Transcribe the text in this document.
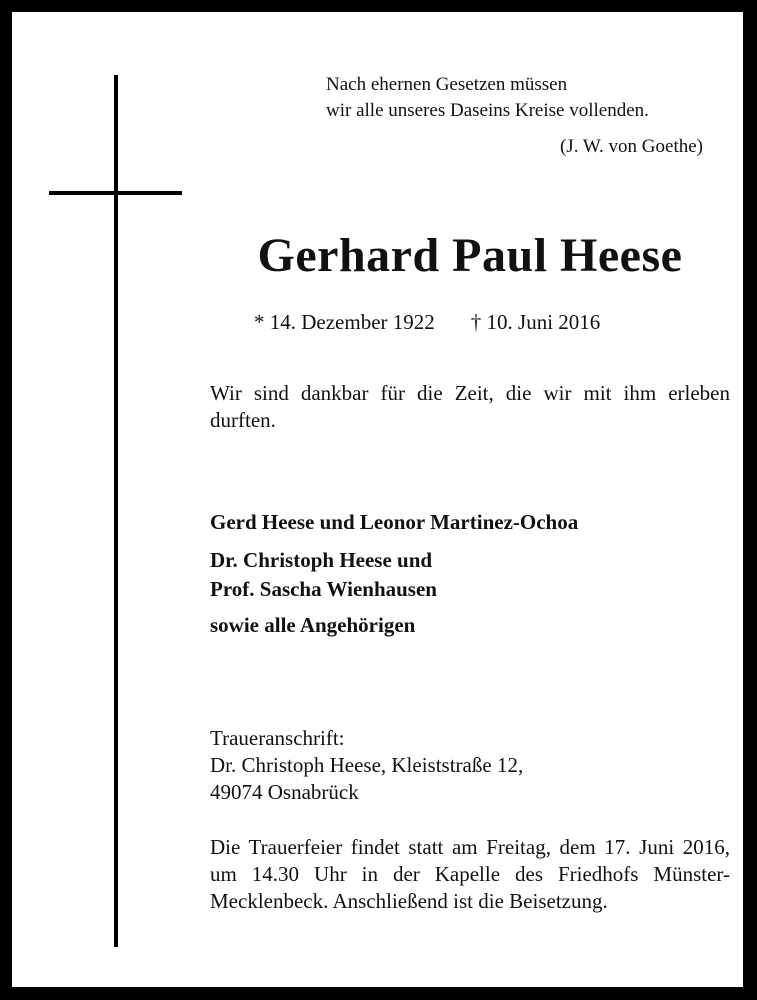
Nach ehernen Gesetzen müssen
wir alle unseres Daseins Kreise vollenden.
(J. W. von Goethe)
Gerhard Paul Heese
* 14. Dezember 1922 † 10. Juni 2016
Wir sind dankbar für die Zeit, die wir mit ihm erleben durften.
Gerd Heese und Leonor Martinez-Ochoa
Dr. Christoph Heese und
Prof. Sascha Wienhausen
sowie alle Angehörigen
Traueranschrift:
Dr. Christoph Heese, Kleiststraße 12,
49074 Osnabrück
Die Trauerfeier findet statt am Freitag, dem 17. Juni 2016, um 14.30 Uhr in der Kapelle des Friedhofs Münster-Mecklenbeck. Anschließend ist die Beisetzung.
